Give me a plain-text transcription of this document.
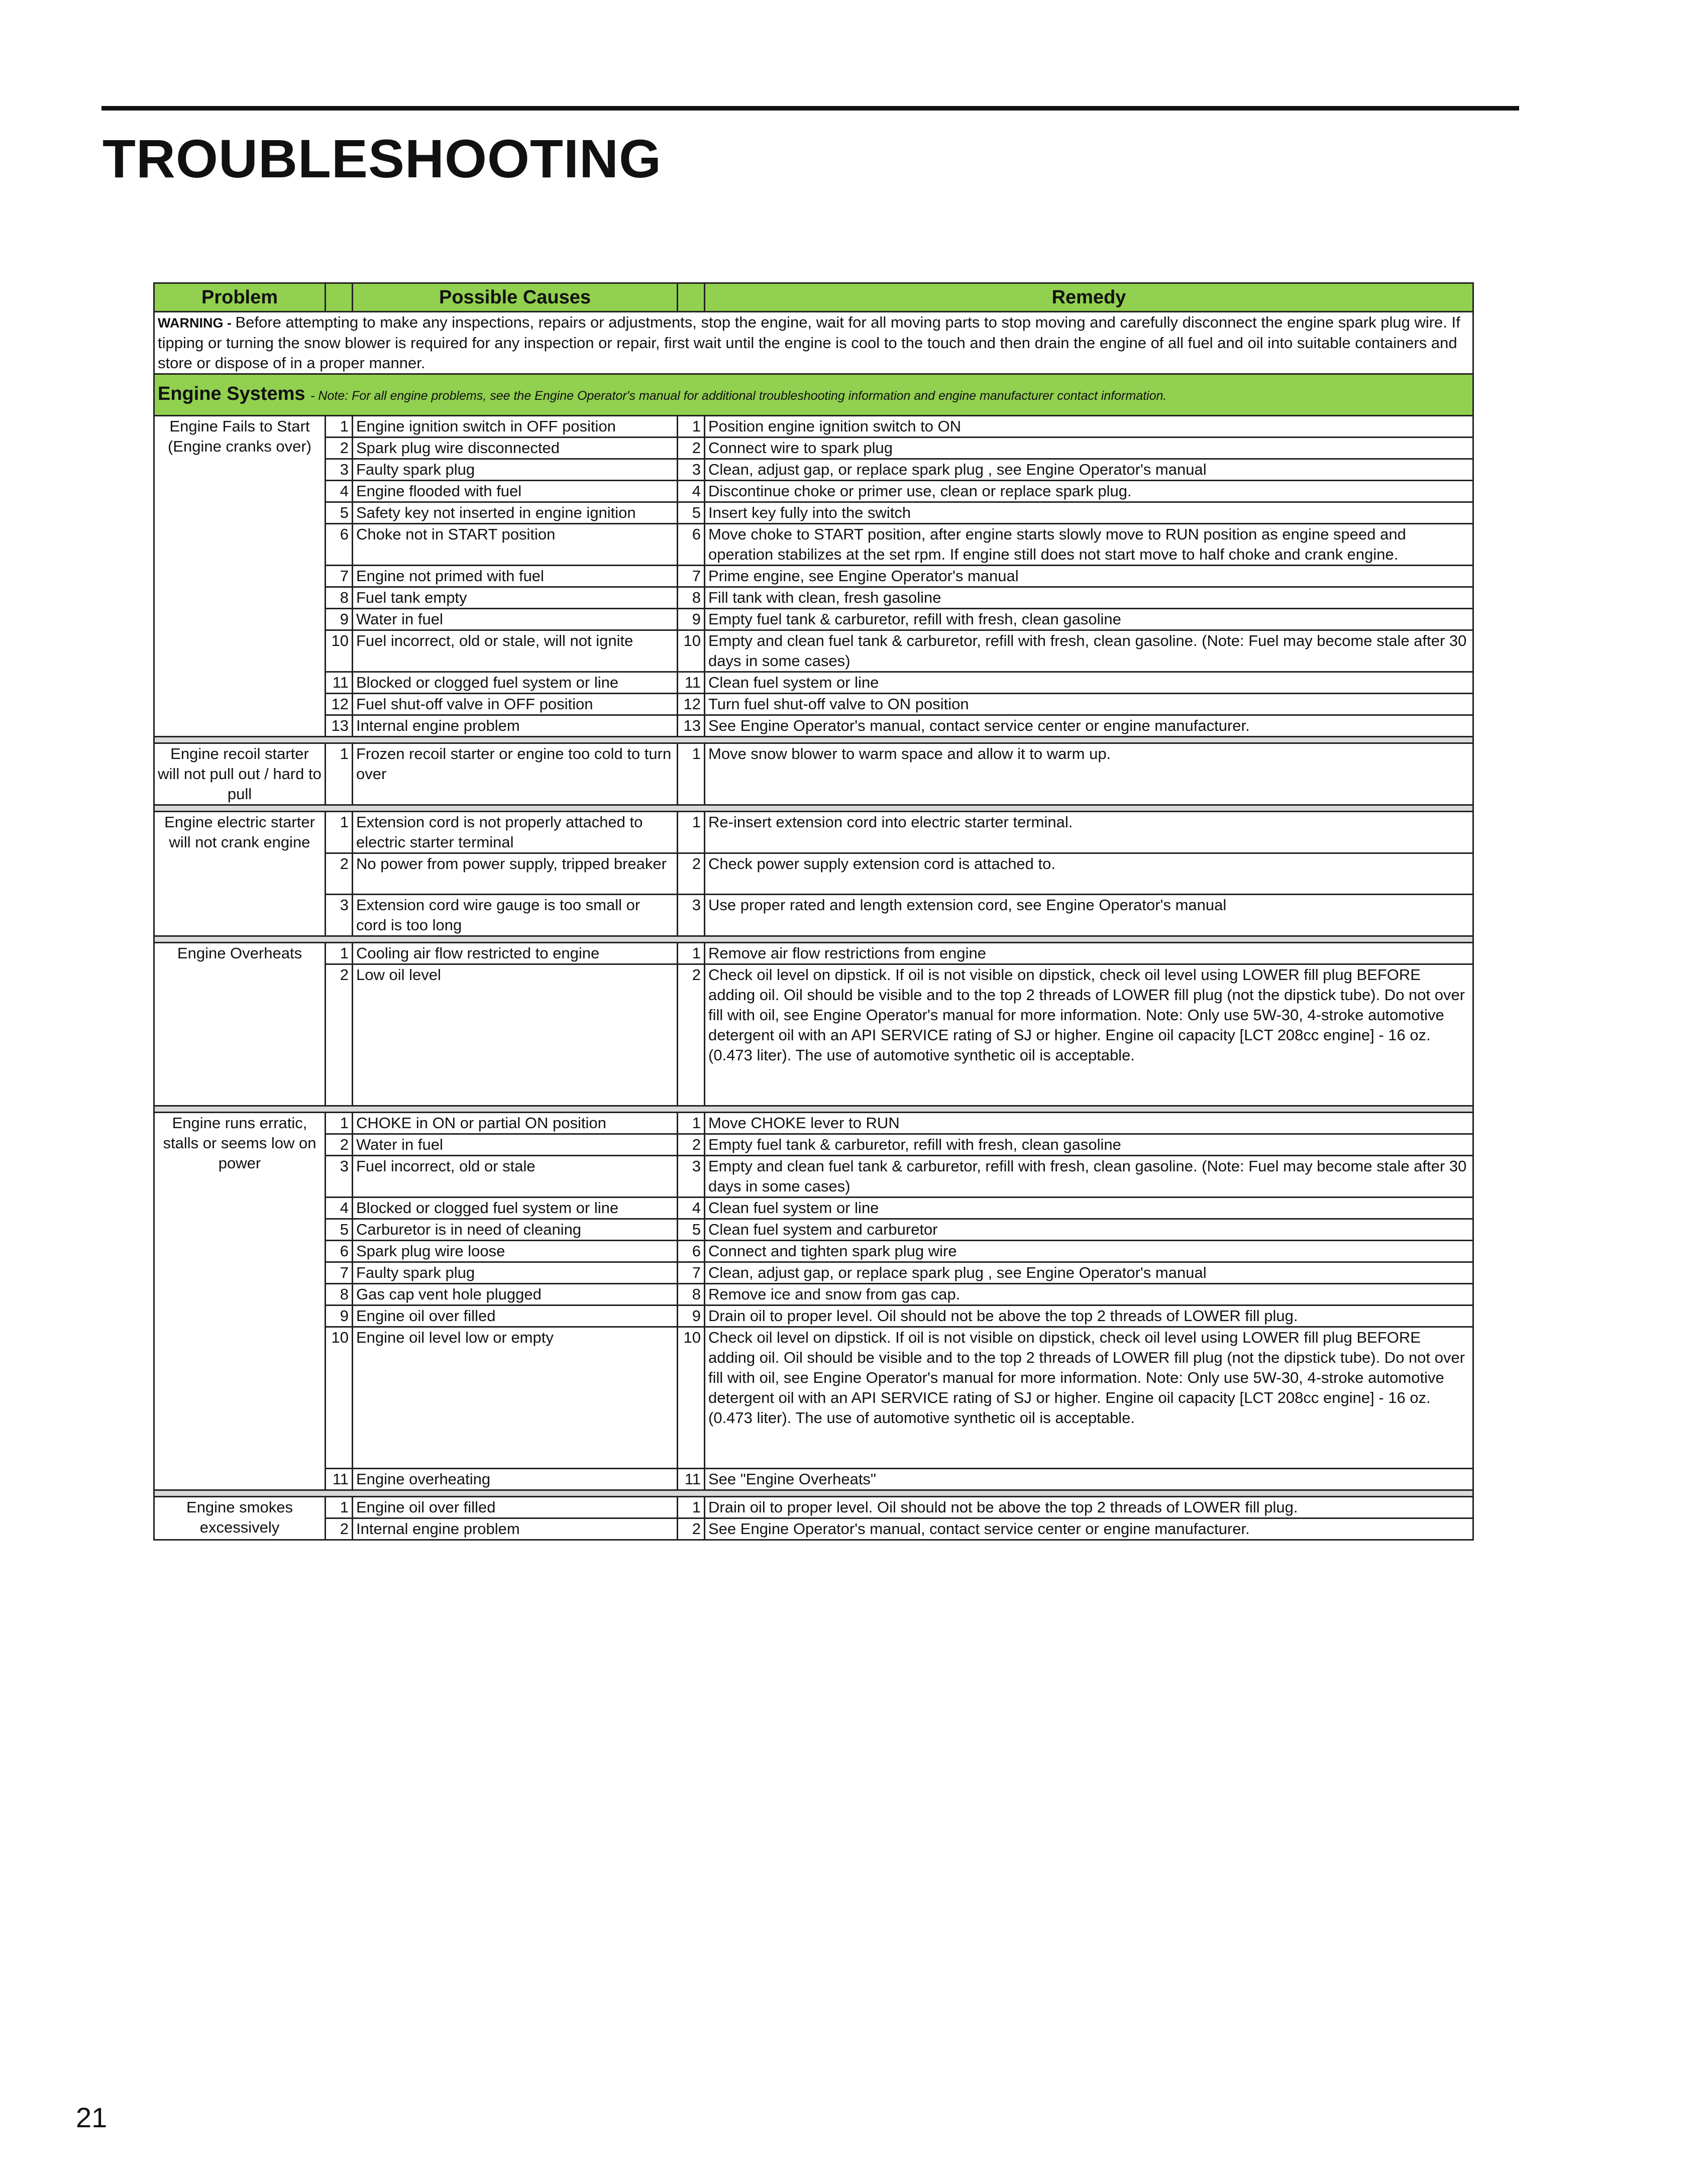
TROUBLESHOOTING
Problem		Possible Causes		Remedy
WARNING - Before attempting to make any inspections, repairs or adjustments, stop the engine, wait for all moving parts to stop moving and carefully disconnect the engine spark plug wire. If tipping or turning the snow blower is required for any inspection or repair, first wait until the engine is cool to the touch and then drain the engine of all fuel and oil into suitable containers and store or dispose of in a proper manner.				
Engine Systems - Note: For all engine problems, see the Engine Operator's manual for additional troubleshooting information and engine manufacturer contact information.				
Engine Fails to Start (Engine cranks over)	1	Engine ignition switch in OFF position	1	Position engine ignition switch to ON
	2	Spark plug wire disconnected	2	Connect wire to spark plug
	3	Faulty spark plug	3	Clean, adjust gap, or replace spark plug , see Engine Operator's manual
	4	Engine flooded with fuel	4	Discontinue choke or primer use, clean or replace spark plug.
	5	Safety key not inserted in engine ignition	5	Insert key fully into the switch
	6	Choke not in START position	6	Move choke to START position, after engine starts slowly move to RUN position as engine speed and operation stabilizes at the set rpm. If engine still does not start move to half choke and crank engine.
	7	Engine not primed with fuel	7	Prime engine, see Engine Operator's manual
	8	Fuel tank empty	8	Fill tank with clean, fresh gasoline
	9	Water in fuel	9	Empty fuel tank & carburetor, refill with fresh, clean gasoline
	10	Fuel incorrect, old or stale, will not ignite	10	Empty and clean fuel tank & carburetor, refill with fresh, clean gasoline. (Note: Fuel may become stale after 30 days in some cases)
	11	Blocked or clogged fuel system or line	11	Clean fuel system or line
	12	Fuel shut-off valve in OFF position	12	Turn fuel shut-off valve to ON position
	13	Internal engine problem	13	See Engine Operator's manual, contact service center or engine manufacturer.

Engine recoil starter will not pull out / hard to pull	1	Frozen recoil starter or engine too cold to turn over	1	Move snow blower to warm space and allow it to warm up.

Engine electric starter will not crank engine	1	Extension cord is not properly attached to electric starter terminal	1	Re-insert extension cord into electric starter terminal.
	2	No power from power supply, tripped breaker	2	Check power supply extension cord is attached to.
	3	Extension cord wire gauge is too small or cord is too long	3	Use proper rated and length extension cord, see Engine Operator's manual

Engine Overheats	1	Cooling air flow restricted to engine	1	Remove air flow restrictions from engine
	2	Low oil level	2	Check oil level on dipstick. If oil is not visible on dipstick, check oil level using LOWER fill plug BEFORE adding oil. Oil should be visible and to the top 2 threads of LOWER fill plug (not the dipstick tube). Do not over fill with oil, see Engine Operator's manual for more information. Note: Only use 5W-30, 4-stroke automotive detergent oil with an API SERVICE rating of SJ or higher. Engine oil capacity [LCT 208cc engine] - 16 oz. (0.473 liter). The use of automotive synthetic oil is acceptable.

Engine runs erratic, stalls or seems low on power	1	CHOKE in ON or partial ON position	1	Move CHOKE lever to RUN
	2	Water in fuel	2	Empty fuel tank & carburetor, refill with fresh, clean gasoline
	3	Fuel incorrect, old or stale	3	Empty and clean fuel tank & carburetor, refill with fresh, clean gasoline. (Note: Fuel may become stale after 30 days in some cases)
	4	Blocked or clogged fuel system or line	4	Clean fuel system or line
	5	Carburetor is in need of cleaning	5	Clean fuel system and carburetor
	6	Spark plug wire loose	6	Connect and tighten spark plug wire
	7	Faulty spark plug	7	Clean, adjust gap, or replace spark plug , see Engine Operator's manual
	8	Gas cap vent hole plugged	8	Remove ice and snow from gas cap.
	9	Engine oil over filled	9	Drain oil to proper level. Oil should not be above the top 2 threads of LOWER fill plug.
	10	Engine oil level low or empty	10	Check oil level on dipstick. If oil is not visible on dipstick, check oil level using LOWER fill plug BEFORE adding oil. Oil should be visible and to the top 2 threads of LOWER fill plug (not the dipstick tube). Do not over fill with oil, see Engine Operator's manual for more information. Note: Only use 5W-30, 4-stroke automotive detergent oil with an API SERVICE rating of SJ or higher. Engine oil capacity [LCT 208cc engine] - 16 oz. (0.473 liter). The use of automotive synthetic oil is acceptable.
	11	Engine overheating	11	See "Engine Overheats"

Engine smokes excessively	1	Engine oil over filled	1	Drain oil to proper level. Oil should not be above the top 2 threads of LOWER fill plug.
	2	Internal engine problem	2	See Engine Operator's manual, contact service center or engine manufacturer.
21
